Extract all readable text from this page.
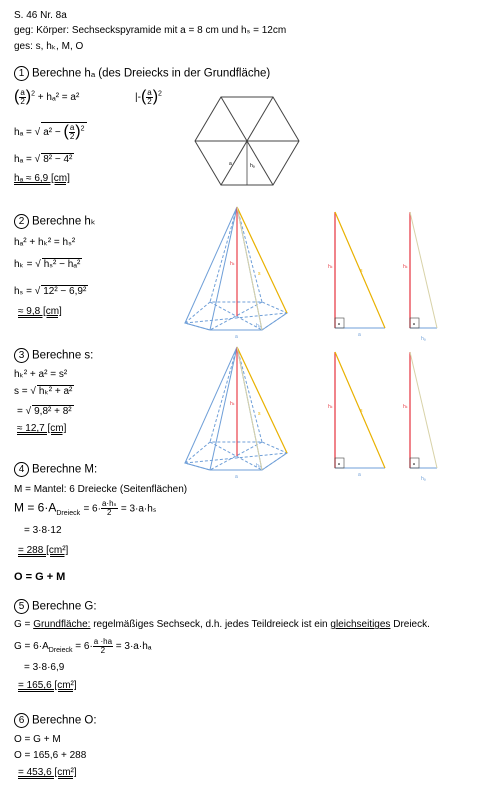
S. 46 Nr. 8a
geg: Körper: Sechseckspyramide mit a = 8 cm und hₛ = 12cm
ges: s, hₖ, M, O
1 Berechne hₐ (des Dreiecks in der Grundfläche)
( $\frac{a}{2} )^2 + h_a^2 = a^2$	|-( $\frac{a}{2} )^2$
hₐ = √ a² − ( $\frac{a}{2} )^2$
hₐ = √ 8² − 4²
hₐ ≈ 6,9 [cm]
a	hₐ
2 Berechne hₖ
hₐ² + hₖ² = hₛ²
hₖ = √ hₛ² − hₐ²
hₛ = √ 12² − 6,9²
≈ 9,8 [cm]
hₖ
s
hₐ
a
hₖ
s
a
hₖ
hₐ
3 Berechne s:
hₖ² + a² = s²
s = √ hₖ² + a²
= √ 9,8² + 8²
≈ 12,7 [cm]
hₖ
s
hₐ
a
hₖ
s
a
hₖ
hₐ
4 Berechne M:
M = Mantel: 6 Dreiecke (Seitenflächen)
$M = 6\cdot A_{Dreieck} = 6\cdot \frac{\text{a·hₛ}}{2} = 3\cdot a\cdot h_s$
= 3·8·12
= 288 [cm²]
O = G + M
5 Berechne G:
G = Grundfläche: regelmäßiges Sechseck, d.h. jedes Teildreieck ist ein gleichseitiges Dreieck.
$G = 6\cdot A_{Dreieck} = 6\cdot \frac{a \cdot ha}{2} = 3\cdot a\cdot h_a$
= 3·8·6,9
= 165,6 [cm²]
6 Berechne O:
O = G + M
O = 165,6 + 288
= 453,6 [cm²]
